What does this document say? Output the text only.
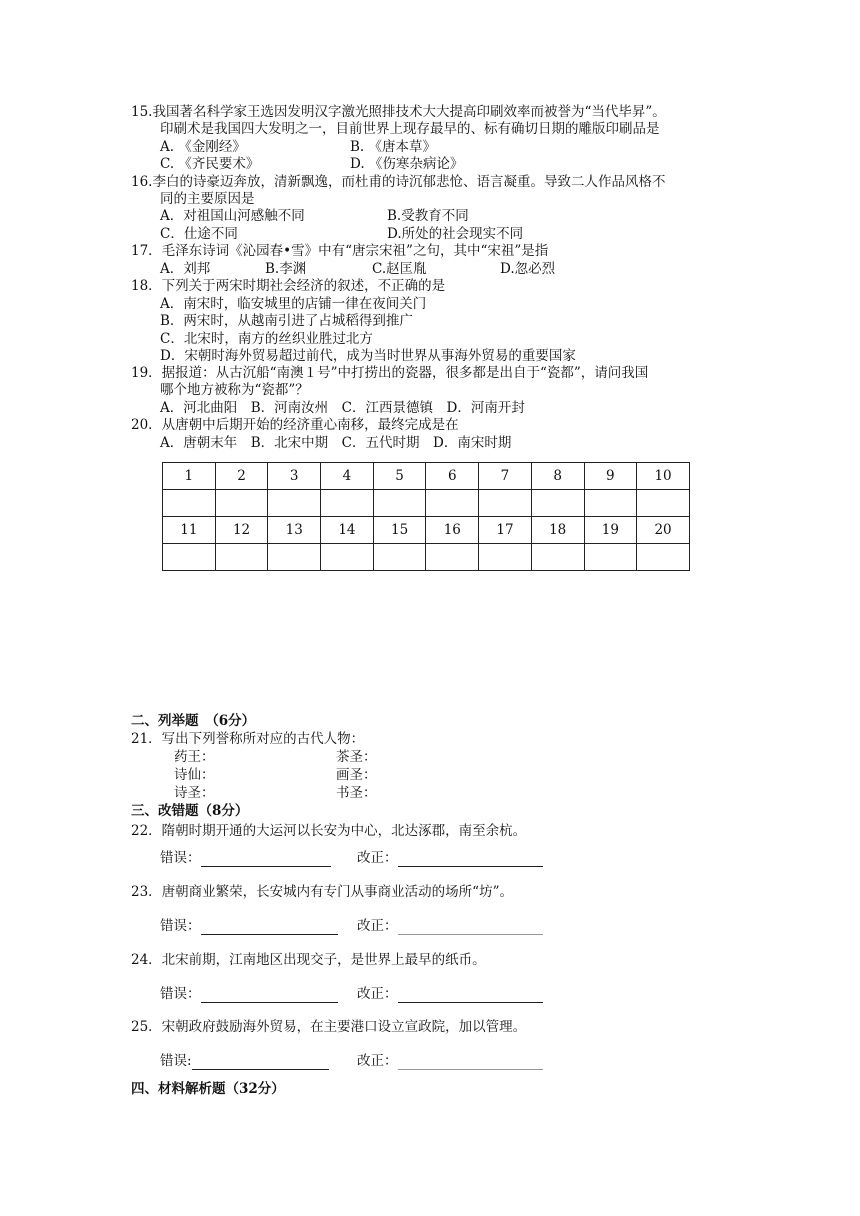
15.我国著名科学家王选因发明汉字激光照排技术大大提高印刷效率而被誉为“当代毕昇”。
印刷术是我国四大发明之一，目前世界上现存最早的、标有确切日期的雕版印刷品是
A. 《金刚经》	B. 《唐本草》
C. 《齐民要术》	D. 《伤寒杂病论》
16.李白的诗豪迈奔放，清新飘逸，而杜甫的诗沉郁悲怆、语言凝重。导致二人作品风格不
同的主要原因是
A．对祖国山河感触不同	B.受教育不同
C．仕途不同	D.所处的社会现实不同
17．毛泽东诗词《沁园春•雪》中有“唐宗宋祖”之句，其中“宋祖”是指
A．刘邦	B.李渊	C.赵匡胤	D.忽必烈
18．下列关于两宋时期社会经济的叙述，不正确的是
A．南宋时，临安城里的店铺一律在夜间关门
B．两宋时，从越南引进了占城稻得到推广
C．北宋时，南方的丝织业胜过北方
D．宋朝时海外贸易超过前代，成为当时世界从事海外贸易的重要国家
19．据报道：从古沉船“南澳１号”中打捞出的瓷器，很多都是出自于“瓷都”，请问我国
哪个地方被称为“瓷都”？
A．河北曲阳　B．河南汝州　C．江西景德镇　D．河南开封
20．从唐朝中后期开始的经济重心南移，最终完成是在
A．唐朝末年　B．北宋中期　C．五代时期　D．南宋时期
1	2	3	4	5	6	7	8	9	10

11	12	13	14	15	16	17	18	19	20

二、列举题　（6分）
21．写出下列誉称所对应的古代人物：
药王：	茶圣：
诗仙：	画圣：
诗圣：	书圣：
三、改错题（8分）
22．隋朝时期开通的大运河以长安为中心，北达涿郡，南至余杭。
错误：	改正：
23．唐朝商业繁荣，长安城内有专门从事商业活动的场所“坊”。
错误：	改正：
24．北宋前期，江南地区出现交子，是世界上最早的纸币。
错误：	改正：
25．宋朝政府鼓励海外贸易，在主要港口设立宣政院，加以管理。
错误:	改正：
四、材料解析题（32分）
